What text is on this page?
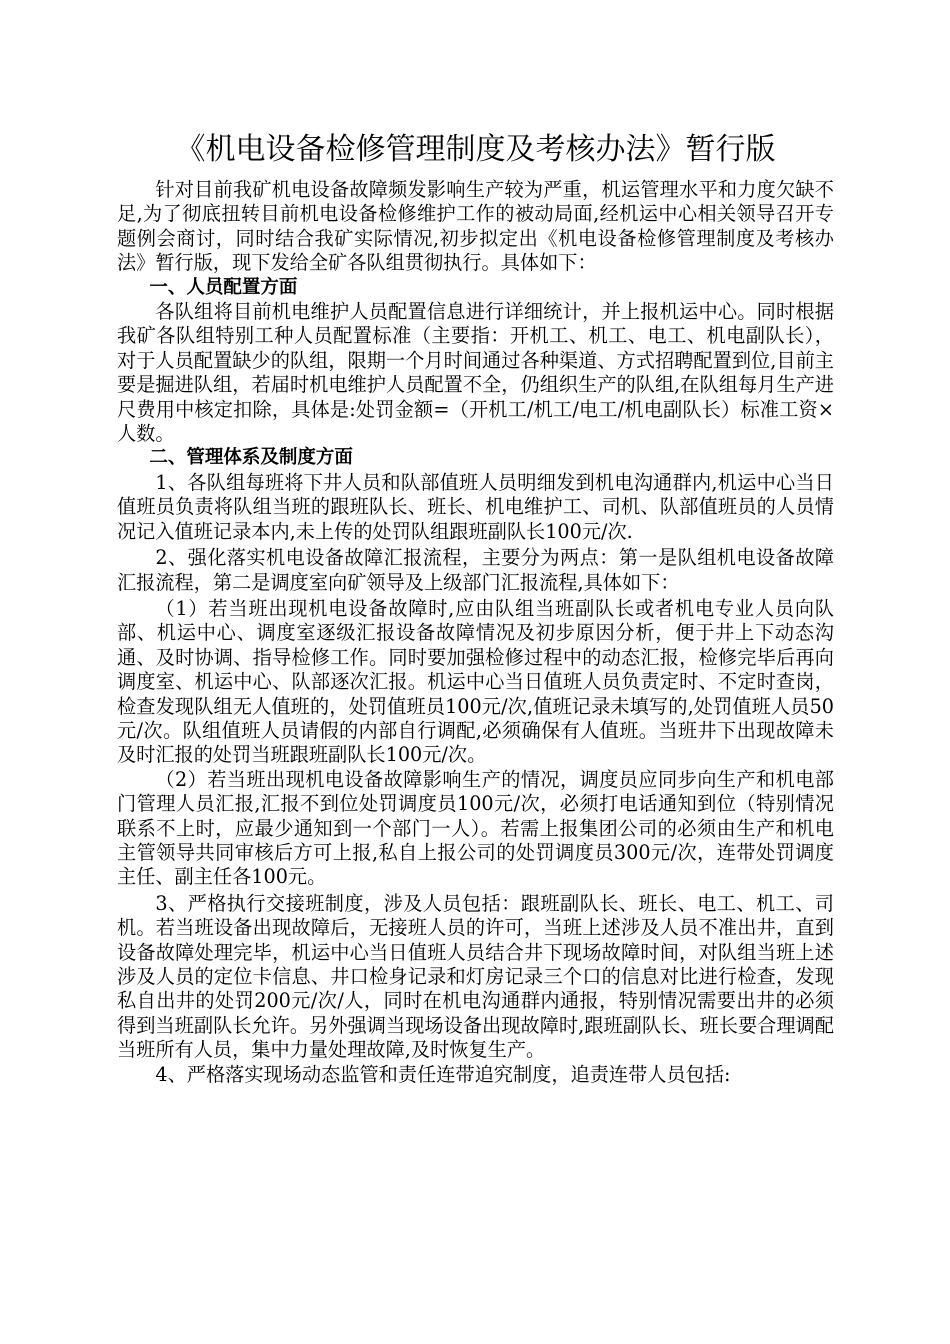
《机电设备检修管理制度及考核办法》暂行版

针对目前我矿机电设备故障频发影响生产较为严重，机运管理水平和力度欠缺不足,为了彻底扭转目前机电设备检修维护工作的被动局面,经机运中心相关领导召开专题例会商讨，同时结合我矿实际情况,初步拟定出《机电设备检修管理制度及考核办法》暂行版，现下发给全矿各队组贯彻执行。具体如下：

一、人员配置方面

各队组将目前机电维护人员配置信息进行详细统计，并上报机运中心。同时根据我矿各队组特别工种人员配置标准（主要指：开机工、机工、电工、机电副队长），对于人员配置缺少的队组，限期一个月时间通过各种渠道、方式招聘配置到位,目前主要是掘进队组，若届时机电维护人员配置不全，仍组织生产的队组,在队组每月生产进尺费用中核定扣除，具体是:处罚金额=（开机工/机工/电工/机电副队长）标准工资×人数。

二、管理体系及制度方面

1、各队组每班将下井人员和队部值班人员明细发到机电沟通群内,机运中心当日值班员负责将队组当班的跟班队长、班长、机电维护工、司机、队部值班员的人员情况记入值班记录本内,未上传的处罚队组跟班副队长100元/次.

2、强化落实机电设备故障汇报流程，主要分为两点：第一是队组机电设备故障汇报流程，第二是调度室向矿领导及上级部门汇报流程,具体如下：

（1）若当班出现机电设备故障时,应由队组当班副队长或者机电专业人员向队部、机运中心、调度室逐级汇报设备故障情况及初步原因分析，便于井上下动态沟通、及时协调、指导检修工作。同时要加强检修过程中的动态汇报，检修完毕后再向调度室、机运中心、队部逐次汇报。机运中心当日值班人员负责定时、不定时查岗，检查发现队组无人值班的，处罚值班员100元/次,值班记录未填写的,处罚值班人员50元/次。队组值班人员请假的内部自行调配,必须确保有人值班。当班井下出现故障未及时汇报的处罚当班跟班副队长100元/次。

（2）若当班出现机电设备故障影响生产的情况，调度员应同步向生产和机电部门管理人员汇报,汇报不到位处罚调度员100元/次，必须打电话通知到位（特别情况联系不上时，应最少通知到一个部门一人）。若需上报集团公司的必须由生产和机电主管领导共同审核后方可上报,私自上报公司的处罚调度员300元/次，连带处罚调度主任、副主任各100元。

3、严格执行交接班制度，涉及人员包括：跟班副队长、班长、电工、机工、司机。若当班设备出现故障后，无接班人员的许可，当班上述涉及人员不准出井，直到设备故障处理完毕，机运中心当日值班人员结合井下现场故障时间，对队组当班上述涉及人员的定位卡信息、井口检身记录和灯房记录三个口的信息对比进行检查，发现私自出井的处罚200元/次/人，同时在机电沟通群内通报，特别情况需要出井的必须得到当班副队长允许。另外强调当现场设备出现故障时,跟班副队长、班长要合理调配当班所有人员，集中力量处理故障,及时恢复生产。

4、严格落实现场动态监管和责任连带追究制度，追责连带人员包括:
